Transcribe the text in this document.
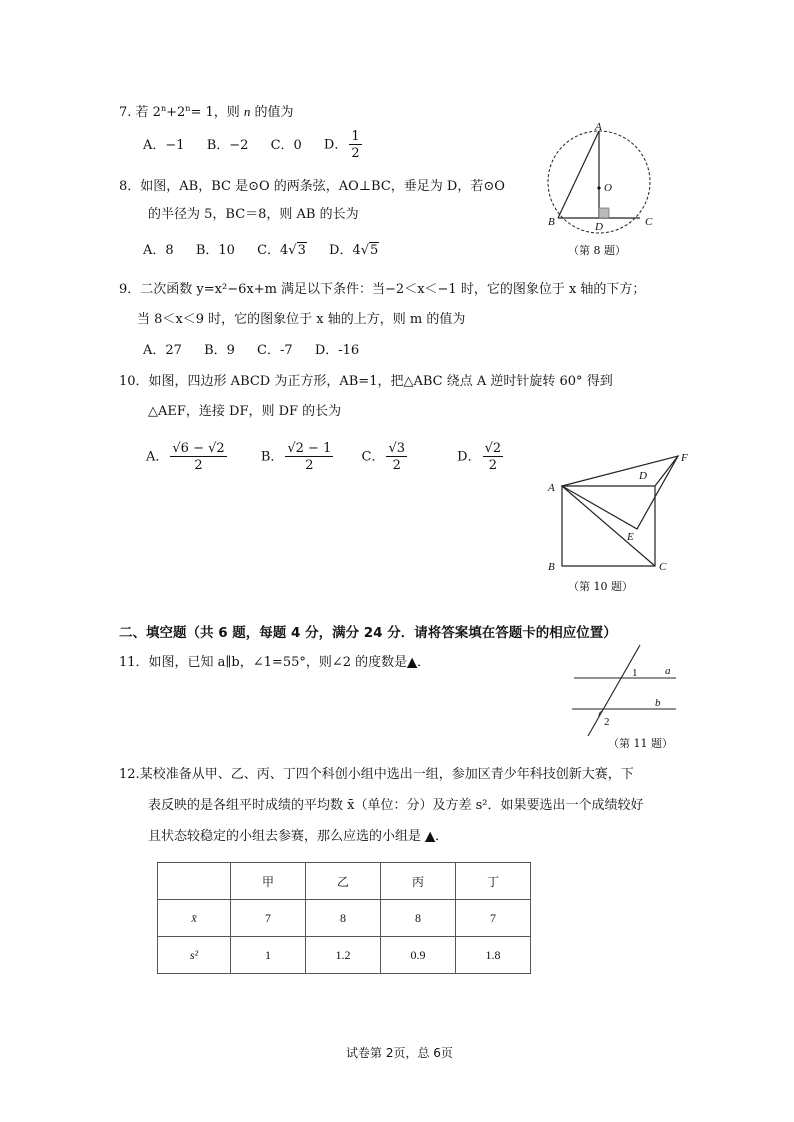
7. 若 $2^n+2^n= 1$，则 n 的值为
A．−1 B．−2 C．0 D． $\frac{1}{2}$
8．如图，AB，BC 是⊙O 的两条弦，AO⊥BC，垂足为 D，若⊙O
的半径为 5，BC＝8，则 AB 的长为
A．8 B．10 C．4√3 D．4√5
A
O
B	D	C
（第 8 题）
9．二次函数 y=x²−6x+m 满足以下条件：当−2＜x＜−1 时，它的图象位于 x 轴的下方；
当 8＜x＜9 时，它的图象位于 x 轴的上方，则 m 的值为
A．27 B．9 C．-7 D．-16
10．如图，四边形 ABCD 为正方形，AB=1，把△ABC 绕点 A 逆时针旋转 60° 得到
△AEF，连接 DF，则 DF 的长为
A． $\frac{√6 - √2}{2}$	B． $\frac{√2 - 1}{2}$ C． $\frac{√3}{2}$	D． $\frac{√2}{2}$
A
D
F
E
B	C
（第 10 题）
二、填空题（共 6 题，每题 4 分，满分 24 分．请将答案填在答题卡的相应位置）
11．如图，已知 a∥b，∠1=55°，则∠2 的度数是▲．
1
2
a
b
（第 11 题）
12.某校准备从甲、乙、丙、丁四个科创小组中选出一组，参加区青少年科技创新大赛，下
表反映的是各组平时成绩的平均数 x̄（单位：分）及方差 s²．如果要选出一个成绩较好
且状态较稳定的小组去参赛，那么应选的小组是 ▲．
	甲	乙	丙	丁
x̄	7	8	8	7
s²	1	1.2	0.9	1.8
试卷第 2页，总 6页
